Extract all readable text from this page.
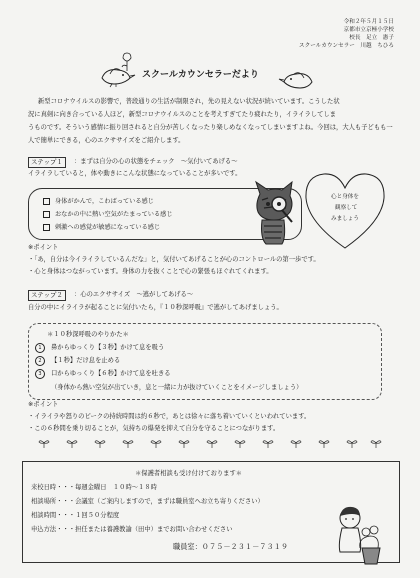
令和２年５月１５日
京都市立京極小学校
校長　足立　憲子
スクールカウンセラー　川越　ちひろ
スクールカウンセラーだより
新型コロナウイルスの影響で，普段通りの生活が制限され，先の見えない状況が続いています。こうした状
況に真剣に向き合っている人ほど，新型コロナウイルスのことを考えすぎてたり疲れたり，イライラしてしま
うものです。そういう感情に振り回されると自分が苦しくなったり楽しめなくなってしまいますよね。今回は，大人も子どもも一
人で簡単にできる，心のエクササイズをご紹介します。
ステップ１	：まずは自分の心の状態をチェック　～気付いてあげる～
イライラしていると，体や動きにこんな状態になっていることが多いです。
身体がかんで，こわばっている感じ
おなかの中に熱い空気がたまっている感じ
刺激への感覚が敏感になっている感じ
心と身体を
観察して
みましょう
※ポイント
・「あ，自分は今イライラしているんだな」と，気付いてあげることが心のコントロールの第一歩です。
・心と身体はつながっています。身体の力を抜くことで心の緊張もほぐれてくれます。
ステップ２	：心のエクササイズ　～逃がしてあげる～
自分の中にイライラが起ることに気付いたら，『１０秒深呼吸』で逃がしてあげましょう。
＊１０秒深呼吸のやりかた＊
1 鼻からゆっくり【３秒】かけて息を吸う
2 【１秒】だけ息を止める
3 口からゆっくり【６秒】かけて息を吐きる
（身体から熱い空気が出ていき，息と一緒に力が抜けていくことをイメージしましょう）
※ポイント
・イライラや怒りのピークの持続時間は約６秒で，あとは徐々に落ち着いていくといわれています。
・この６秒間を乗り切ることが，気持ちの爆発を抑えて自分を守ることにつながります。
＊保護者相談も受け付けております＊
来校日時・・・毎週金曜日　１０時～１８時
相談場所・・・会議室（ご案内しますので，まずは職員室へお立ち寄りください）
相談時間・・・１回５０分程度
申込方法・・・担任または養護教諭（田中）までお問い合わせください
職員室：０７５－２３１－７３１９
